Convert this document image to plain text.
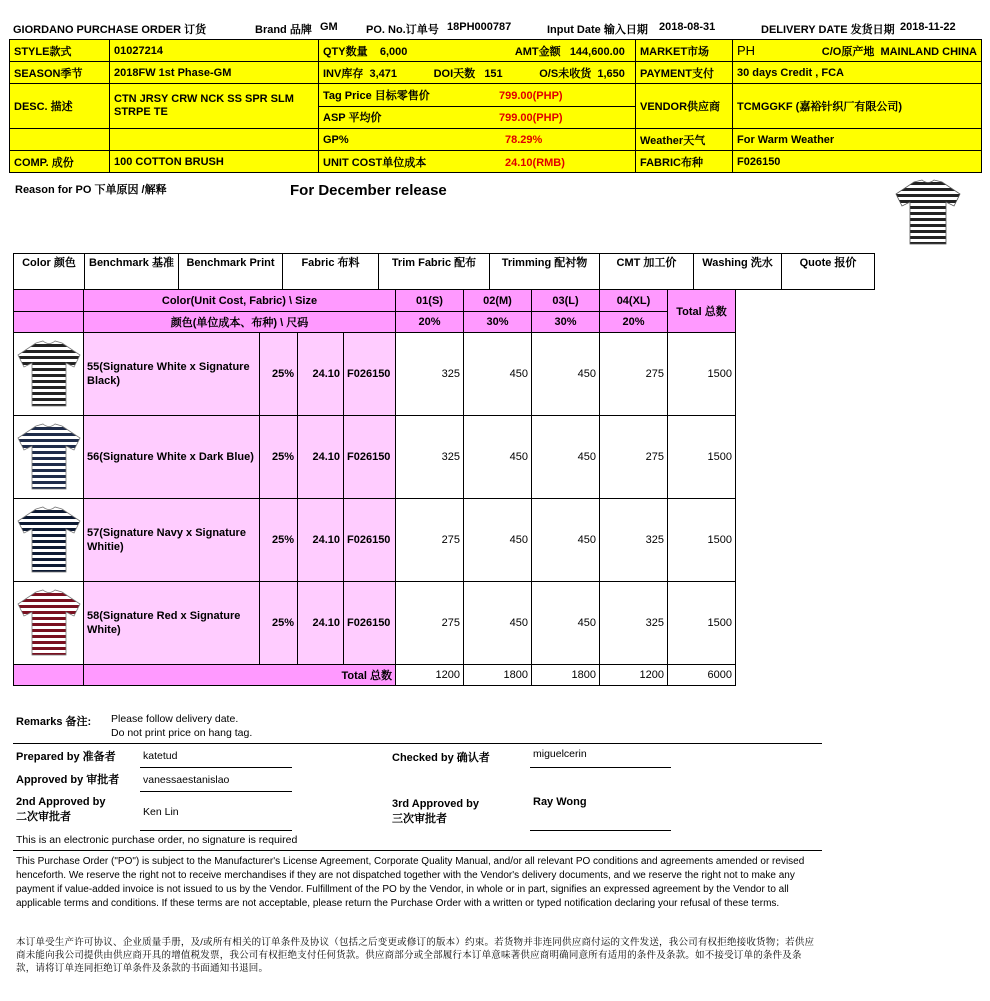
GIORDANO PURCHASE ORDER 订货	Brand 品牌 GM	PO. No.订单号 18PH000787	Input Date 输入日期 2018-08-31	DELIVERY DATE 发货日期 2018-11-22
STYLE款式	01027214	QTY数量 6,000 AMT金额 144,600.00	MARKET市场	PH C/O原产地 MAINLAND CHINA

SEASON季节	2018FW 1st Phase-GM	INV库存 3,471 DOI天数 151 O/S未收货 1,650	PAYMENT支付	30 days Credit , FCA
DESC. 描述	CTN JRSY CRW NCK SS SPR SLM STRPE TE	Tag Price 目标零售价 799.00(PHP)	VENDOR供应商	TCMGGKF (嘉裕针织厂有限公司)
		ASP 平均价 799.00(PHP)		
		GP% 78.29%	Weather天气	For Warm Weather
COMP. 成份	100 COTTON BRUSH	UNIT COST单位成本 24.10(RMB)	FABRIC布种	F026150
Reason for PO 下单原因 /解释	For December release
Color 颜色	Benchmark 基准	Benchmark Print	Fabric 布料	Trim Fabric 配布	Trimming 配衬物	CMT 加工价	Washing 洗水	Quote 报价
	Color(Unit Cost, Fabric) \ Size				01(S)	02(M)	03(L)	04(XL)	Total 总数
	颜色(单位成本、布种) \ 尺码				20%	30%	30%	20%	
	55(Signature White x Signature Black)	25%	24.10	F026150	325	450	450	275	1500
	56(Signature White x Dark Blue)	25%	24.10	F026150	325	450	450	275	1500
	57(Signature Navy x Signature Whitie)	25%	24.10	F026150	275	450	450	325	1500
	58(Signature Red x Signature White)	25%	24.10	F026150	275	450	450	325	1500
	Total 总数				1200	1800	1800	1200	6000
Remarks 备注: Please follow delivery date.
Do not print price on hang tag.
Prepared by 准备者	katetud	Checked by 确认者	miguelcerin
Approved by 审批者 vanessaestanislao
2nd Approved by
二次审批者	Ken Lin
3rd Approved by
三次审批者
Ray Wong
This is an electronic purchase order, no signature is required
This Purchase Order ("PO") is subject to the Manufacturer's License Agreement, Corporate Quality Manual, and/or all relevant PO conditions and agreements amended or revised henceforth. We reserve the right not to receive merchandises if they are not dispatched together with the Vendor's delivery documents, and we reserve the right not to make any payment if value-added invoice is not issued to us by the Vendor. Fulfillment of the PO by the Vendor, in whole or in part, signifies an expressed agreement by the Vendor to all applicable terms and conditions. If these terms are not acceptable, please return the Purchase Order with a written or typed notification declaring your refusal of these terms.
本订单受生产许可协议、企业质量手册，及/或所有相关的订单条件及协议（包括之后变更或修订的版本）约束。若货物并非连同供应商付运的文件发送，我公司有权拒绝接收货物；若供应商未能向我公司提供由供应商开具的增值税发票，我公司有权拒绝支付任何货款。供应商部分或全部履行本订单意味著供应商明确同意所有适用的条件及条款。如不接受订单的条件及条款，请将订单连同拒绝订单条件及条款的书面通知书退回。
